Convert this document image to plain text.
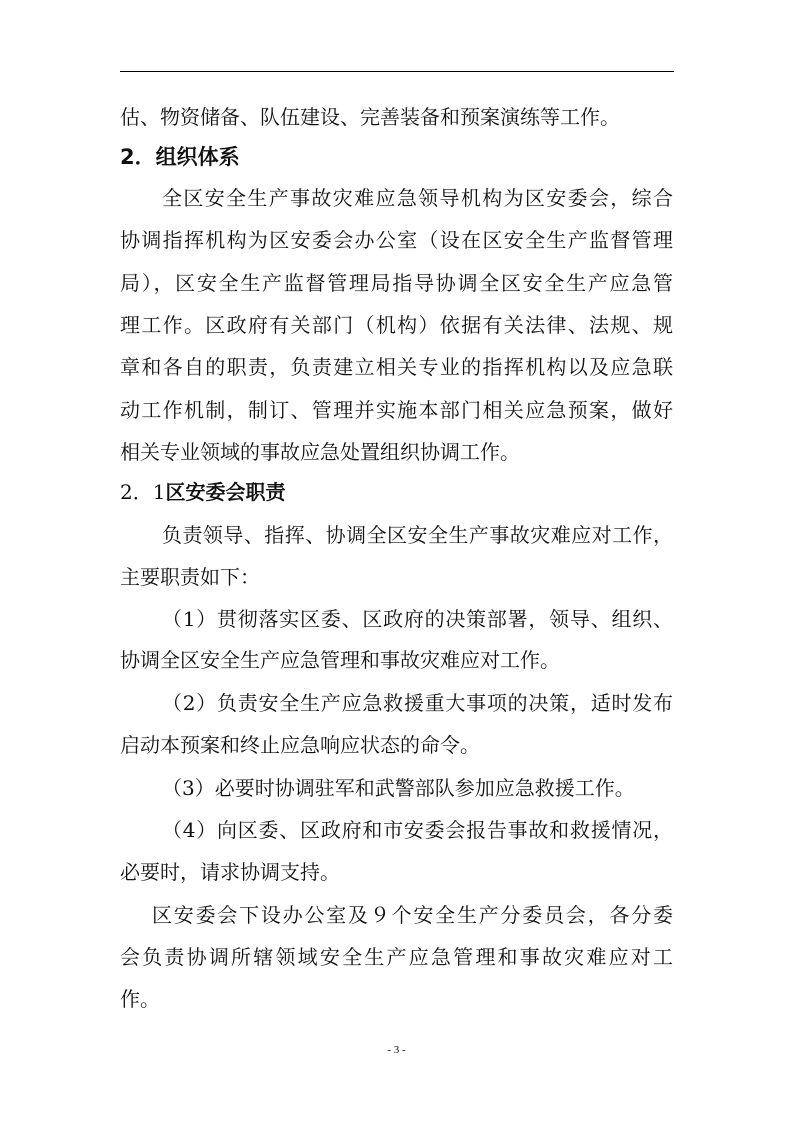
估、物资储备、队伍建设、完善装备和预案演练等工作。
2．组织体系
全区安全生产事故灾难应急领导机构为区安委会，综合
协调指挥机构为区安委会办公室（设在区安全生产监督管理
局），区安全生产监督管理局指导协调全区安全生产应急管
理工作。区政府有关部门（机构）依据有关法律、法规、规
章和各自的职责，负责建立相关专业的指挥机构以及应急联
动工作机制，制订、管理并实施本部门相关应急预案，做好
相关专业领域的事故应急处置组织协调工作。
2．1区安委会职责
负责领导、指挥、协调全区安全生产事故灾难应对工作，
主要职责如下：
（1）贯彻落实区委、区政府的决策部署，领导、组织、
协调全区安全生产应急管理和事故灾难应对工作。
（2）负责安全生产应急救援重大事项的决策，适时发布
启动本预案和终止应急响应状态的命令。
（3）必要时协调驻军和武警部队参加应急救援工作。
（4）向区委、区政府和市安委会报告事故和救援情况，
必要时，请求协调支持。
区安委会下设办公室及９个安全生产分委员会，各分委
会负责协调所辖领域安全生产应急管理和事故灾难应对工
作。
- 3 -
